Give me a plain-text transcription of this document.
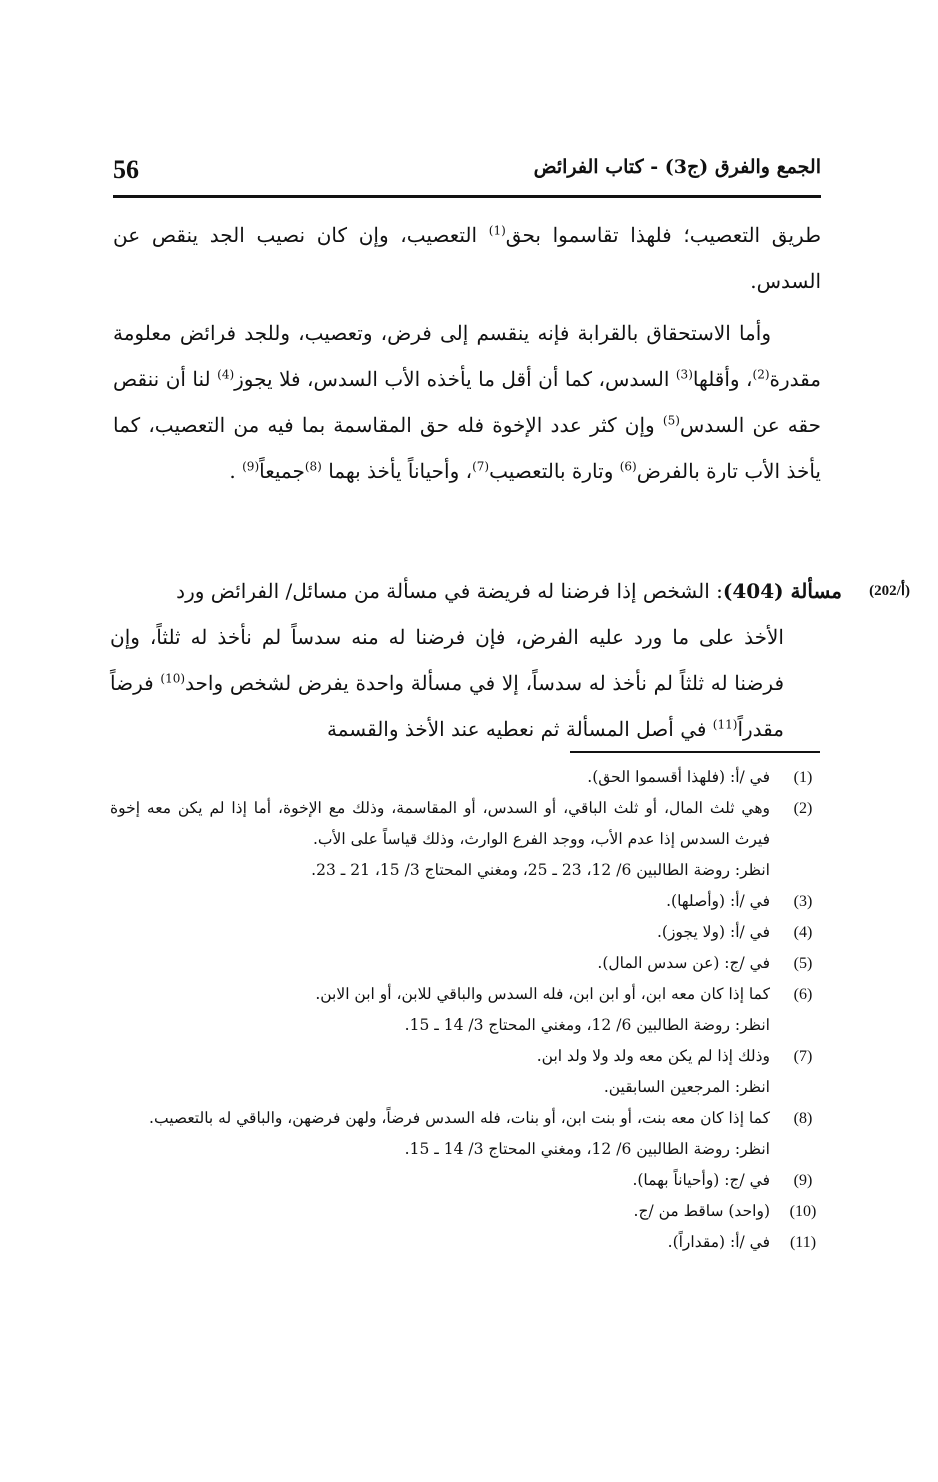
56	الجمع والفرق (ج3) - كتاب الفرائض

طريق التعصيب؛ فلهذا تقاسموا بحق$^{(1)}$ التعصيب، وإن كان نصيب الجد ينقص عن السدس.

وأما الاستحقاق بالقرابة فإنه ينقسم إلى فرض، وتعصيب، وللجد فرائض معلومة مقدرة$^{(2)}$، وأقلها$^{(3)}$ السدس، كما أن أقل ما يأخذه الأب السدس، فلا يجوز$^{(4)}$ لنا أن ننقص حقه عن السدس$^{(5)}$ وإن كثر عدد الإخوة فله حق المقاسمة بما فيه من التعصيب، كما يأخذ الأب تارة بالفرض$^{(6)}$ وتارة بالتعصيب$^{(7)}$، وأحياناً يأخذ بهما $^{(8)}$جميعاً$^{(9)}$ .

(202/أ)

مسألة (404): الشخص إذا فرضنا له فريضة في مسألة من مسائل/ الفرائض ورد

الأخذ على ما ورد عليه الفرض، فإن فرضنا له منه سدساً لم نأخذ له ثلثاً، وإن فرضنا له ثلثاً لم نأخذ له سدساً، إلا في مسألة واحدة يفرض لشخص واحد$^{(10)}$ فرضاً مقدراً$^{(11)}$ في أصل المسألة ثم نعطيه عند الأخذ والقسمة

(1)
في /أ: (فلهذا أقسموا الحق).
(2)
وهي ثلث المال، أو ثلث الباقي، أو السدس، أو المقاسمة، وذلك مع الإخوة، أما إذا لم يكن معه إخوة فيرث السدس إذا عدم الأب، ووجد الفرع الوارث، وذلك قياساً على الأب.
انظر: روضة الطالبين 6/ 12، 23 ـ 25، ومغني المحتاج 3/ 15، 21 ـ 23.
(3)
في /أ: (وأصلها).
(4)
في /أ: (ولا يجوز).
(5)
في /ج: (عن سدس المال).
(6)
كما إذا كان معه ابن، أو ابن ابن، فله السدس والباقي للابن، أو ابن الابن.
انظر: روضة الطالبين 6/ 12، ومغني المحتاج 3/ 14 ـ 15.
(7)
وذلك إذا لم يكن معه ولد ولا ولد ابن.
انظر: المرجعين السابقين.
(8)
كما إذا كان معه بنت، أو بنت ابن، أو بنات، فله السدس فرضاً، ولهن فرضهن، والباقي له بالتعصيب.
انظر: روضة الطالبين 6/ 12، ومغني المحتاج 3/ 14 ـ 15.
(9)
في /ج: (وأحياناً بهما).
(10)
(واحد) ساقط من /ج.
(11)
في /أ: (مقداراً).
